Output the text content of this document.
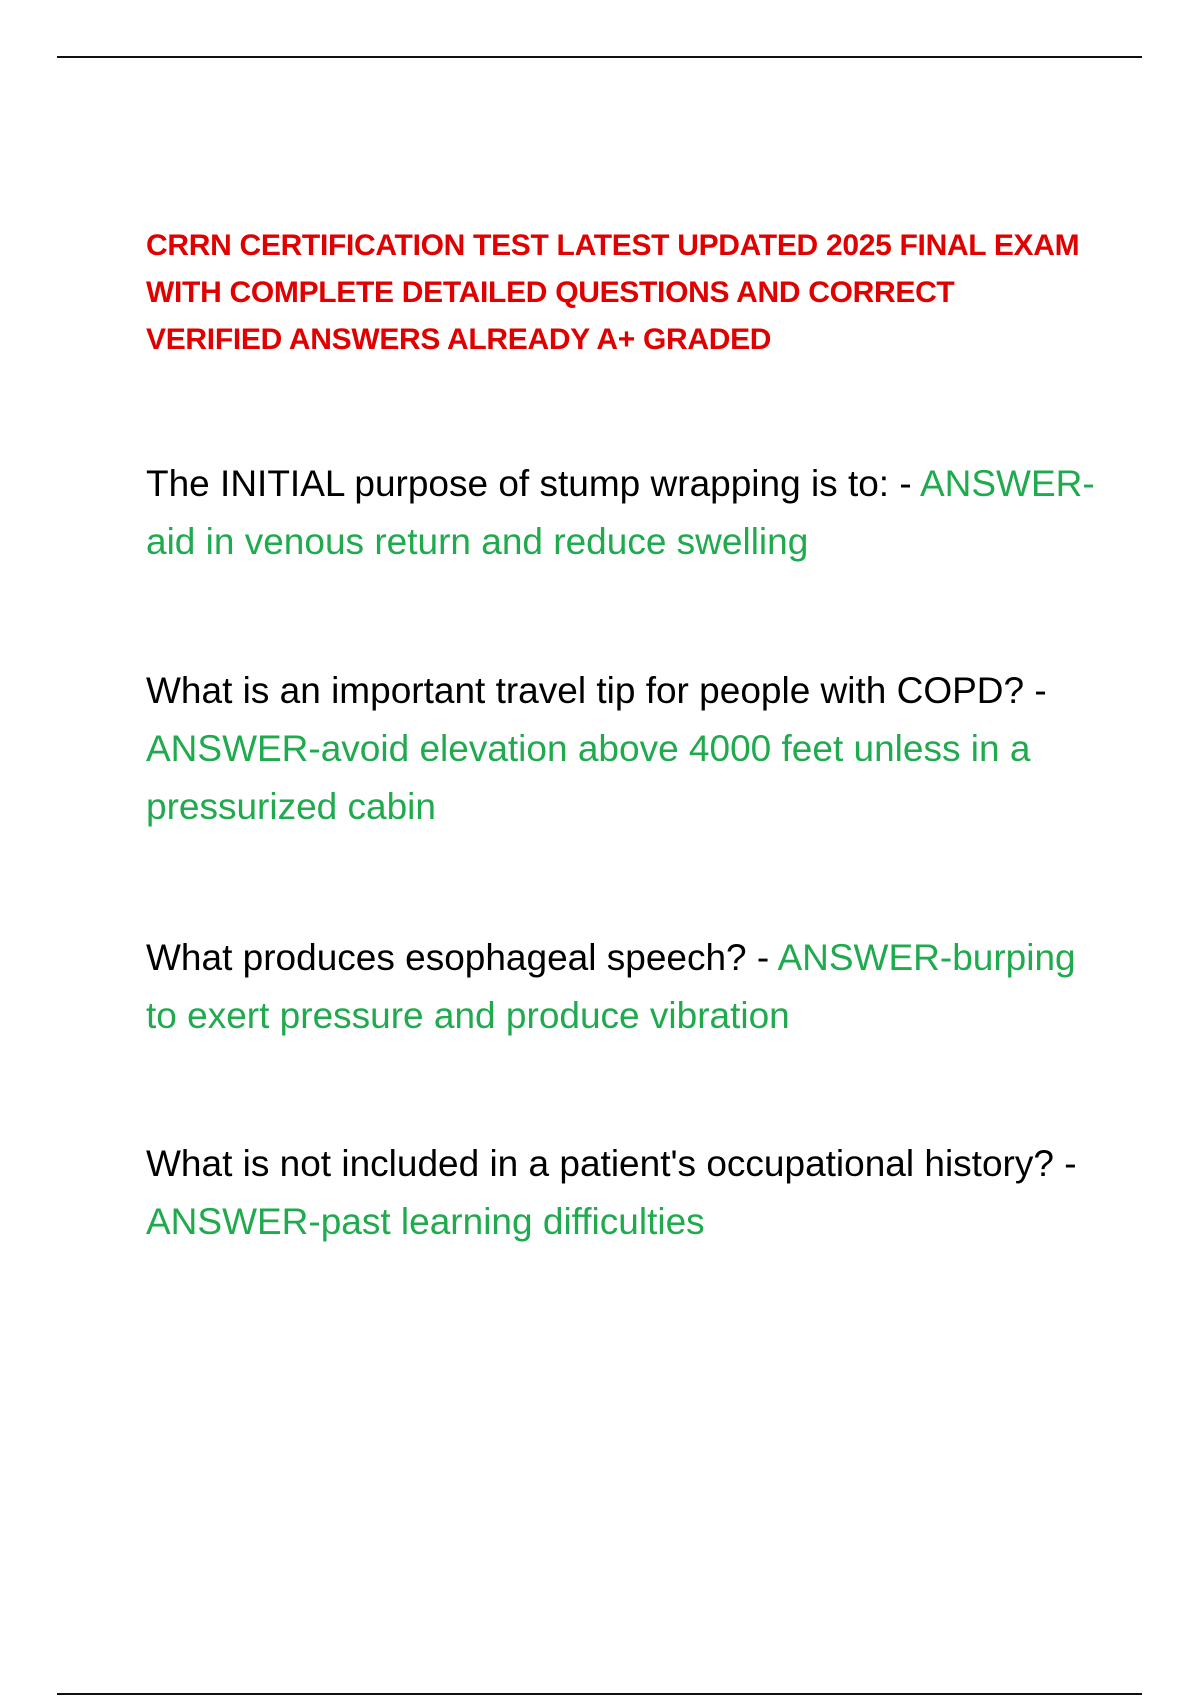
CRRN CERTIFICATION TEST LATEST UPDATED 2025 FINAL EXAM WITH COMPLETE DETAILED QUESTIONS AND CORRECT VERIFIED ANSWERS ALREADY A+ GRADED

The INITIAL purpose of stump wrapping is to: - ANSWER-aid in venous return and reduce swelling

What is an important travel tip for people with COPD? - ANSWER-avoid elevation above 4000 feet unless in a pressurized cabin

What produces esophageal speech? - ANSWER-burping to exert pressure and produce vibration

What is not included in a patient's occupational history? - ANSWER-past learning difficulties
